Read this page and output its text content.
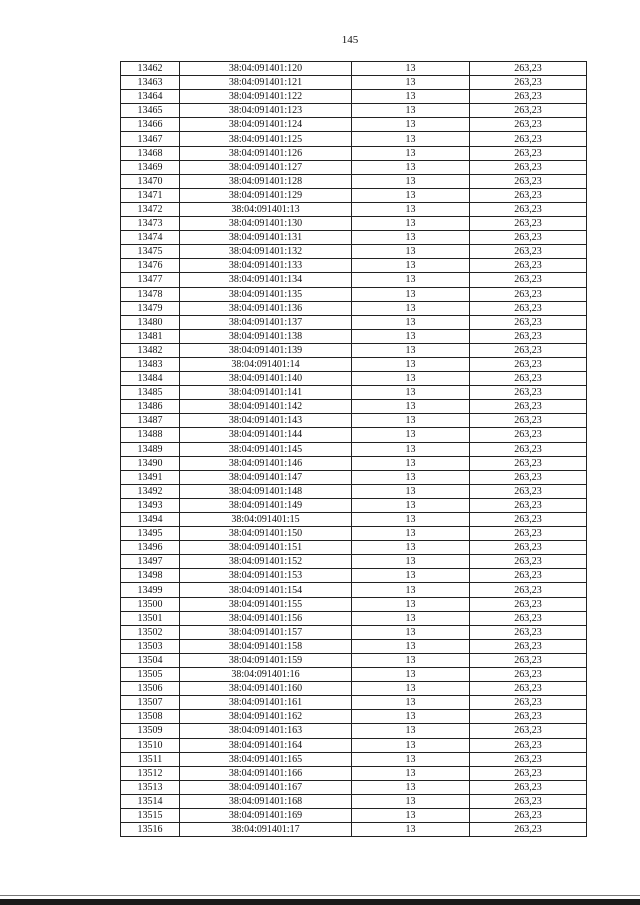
145
13462	38:04:091401:120	13	263,23
13463	38:04:091401:121	13	263,23
13464	38:04:091401:122	13	263,23
13465	38:04:091401:123	13	263,23
13466	38:04:091401:124	13	263,23
13467	38:04:091401:125	13	263,23
13468	38:04:091401:126	13	263,23
13469	38:04:091401:127	13	263,23
13470	38:04:091401:128	13	263,23
13471	38:04:091401:129	13	263,23
13472	38:04:091401:13	13	263,23
13473	38:04:091401:130	13	263,23
13474	38:04:091401:131	13	263,23
13475	38:04:091401:132	13	263,23
13476	38:04:091401:133	13	263,23
13477	38:04:091401:134	13	263,23
13478	38:04:091401:135	13	263,23
13479	38:04:091401:136	13	263,23
13480	38:04:091401:137	13	263,23
13481	38:04:091401:138	13	263,23
13482	38:04:091401:139	13	263,23
13483	38:04:091401:14	13	263,23
13484	38:04:091401:140	13	263,23
13485	38:04:091401:141	13	263,23
13486	38:04:091401:142	13	263,23
13487	38:04:091401:143	13	263,23
13488	38:04:091401:144	13	263,23
13489	38:04:091401:145	13	263,23
13490	38:04:091401:146	13	263,23
13491	38:04:091401:147	13	263,23
13492	38:04:091401:148	13	263,23
13493	38:04:091401:149	13	263,23
13494	38:04:091401:15	13	263,23
13495	38:04:091401:150	13	263,23
13496	38:04:091401:151	13	263,23
13497	38:04:091401:152	13	263,23
13498	38:04:091401:153	13	263,23
13499	38:04:091401:154	13	263,23
13500	38:04:091401:155	13	263,23
13501	38:04:091401:156	13	263,23
13502	38:04:091401:157	13	263,23
13503	38:04:091401:158	13	263,23
13504	38:04:091401:159	13	263,23
13505	38:04:091401:16	13	263,23
13506	38:04:091401:160	13	263,23
13507	38:04:091401:161	13	263,23
13508	38:04:091401:162	13	263,23
13509	38:04:091401:163	13	263,23
13510	38:04:091401:164	13	263,23
13511	38:04:091401:165	13	263,23
13512	38:04:091401:166	13	263,23
13513	38:04:091401:167	13	263,23
13514	38:04:091401:168	13	263,23
13515	38:04:091401:169	13	263,23
13516	38:04:091401:17	13	263,23
